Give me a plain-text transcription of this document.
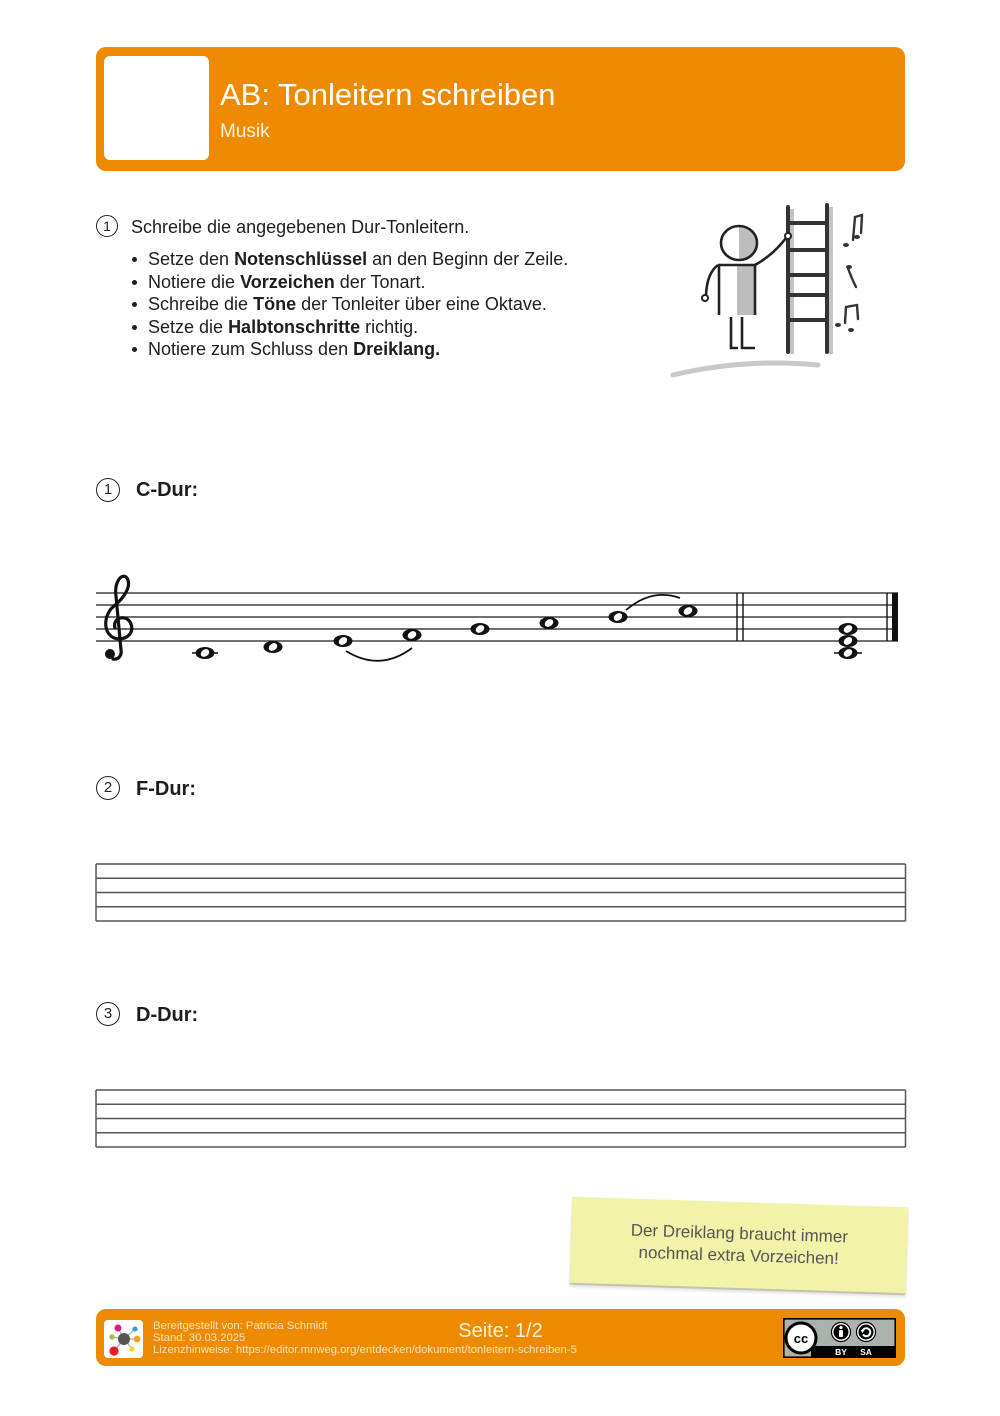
AB: Tonleitern schreiben
Musik
1	Schreibe die angegebenen Dur-Tonleitern.
Setze den Notenschlüssel an den Beginn der Zeile.
Notiere die Vorzeichen der Tonart.
Schreibe die Töne der Tonleiter über eine Oktave.
Setze die Halbtonschritte richtig.
Notiere zum Schluss den Dreiklang.
1	C-Dur:
2	F-Dur:
3	D-Dur:
Der Dreiklang braucht immer
nochmal extra Vorzeichen!
Bereitgestellt von: Patricia Schmidt
Stand: 30.03.2025
Lizenzhinweise: https://editor.mnweg.org/entdecken/dokument/tonleitern-schreiben-5
Seite: 1/2	cc
BY SA
